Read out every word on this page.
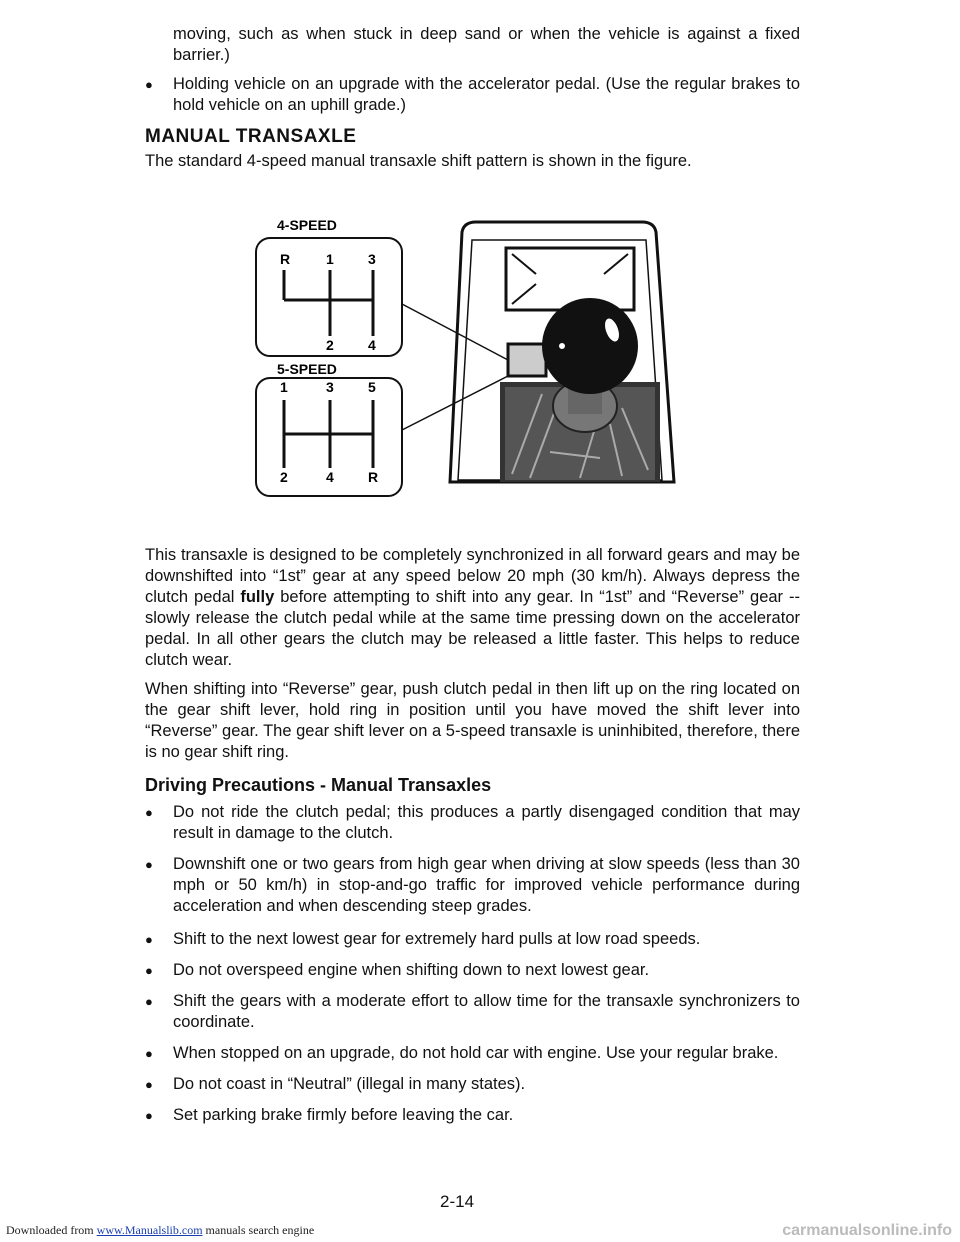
moving, such as when stuck in deep sand or when the vehicle is against a fixed barrier.)
●	Holding vehicle on an upgrade with the accelerator pedal. (Use the regular brakes to hold vehicle on an uphill grade.)
MANUAL TRANSAXLE

The standard 4-speed manual transaxle shift pattern is shown in the figure.

4-SPEED
R	1 3
2 4
5-SPEED
1	3 5
2	4 R

This transaxle is designed to be completely synchronized in all forward gears and may be downshifted into “1st” gear at any speed below 20 mph (30 km/h). Always depress the clutch pedal fully before attempting to shift into any gear. In “1st” and “Reverse” gear -- slowly release the clutch pedal while at the same time pressing down on the accelerator pedal. In all other gears the clutch may be released a little faster. This helps to reduce clutch wear.

When shifting into “Reverse” gear, push clutch pedal in then lift up on the ring located on the gear shift lever, hold ring in position until you have moved the shift lever into “Reverse” gear. The gear shift lever on a 5-speed transaxle is uninhibited, therefore, there is no gear shift ring.

Driving Precautions - Manual Transaxles
●	Do not ride the clutch pedal; this produces a partly disengaged condition that may result in damage to the clutch.
●	Downshift one or two gears from high gear when driving at slow speeds (less than 30 mph or 50 km/h) in stop-and-go traffic for improved vehicle performance during acceleration and when descending steep grades.
●	Shift to the next lowest gear for extremely hard pulls at low road speeds.
●	Do not overspeed engine when shifting down to next lowest gear.
●	Shift the gears with a moderate effort to allow time for the transaxle synchronizers to coordinate.
●	When stopped on an upgrade, do not hold car with engine. Use your regular brake.
●	Do not coast in “Neutral” (illegal in many states).
●	Set parking brake firmly before leaving the car.
2-14
Downloaded from www.Manualslib.com manuals search engine	carmanualsonline.info
